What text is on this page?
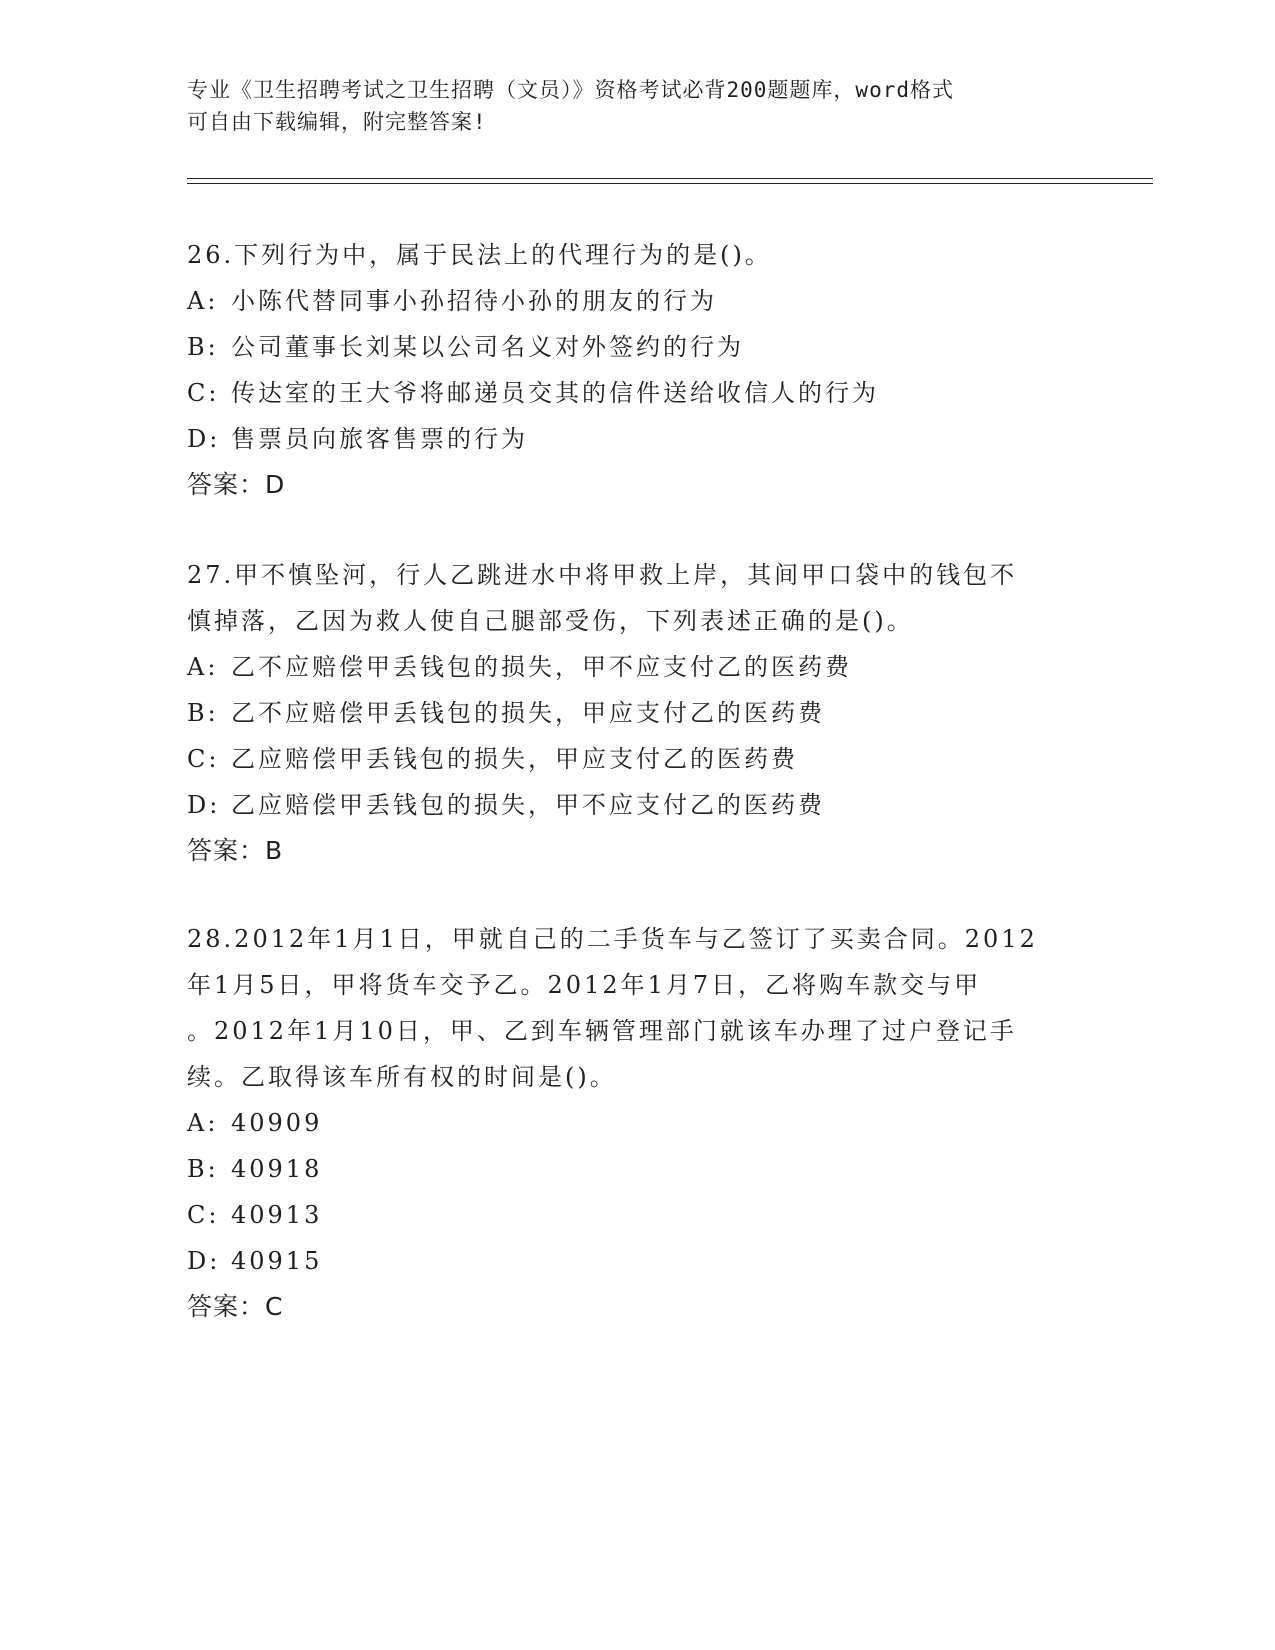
专业《卫生招聘考试之卫生招聘（文员）》资格考试必背200题题库，word格式
可自由下载编辑，附完整答案!
26.下列行为中，属于民法上的代理行为的是()。
A: 小陈代替同事小孙招待小孙的朋友的行为
B: 公司董事长刘某以公司名义对外签约的行为
C: 传达室的王大爷将邮递员交其的信件送给收信人的行为
D: 售票员向旅客售票的行为
答案：D
27.甲不慎坠河，行人乙跳进水中将甲救上岸，其间甲口袋中的钱包不
慎掉落，乙因为救人使自己腿部受伤，下列表述正确的是()。
A: 乙不应赔偿甲丢钱包的损失，甲不应支付乙的医药费
B: 乙不应赔偿甲丢钱包的损失，甲应支付乙的医药费
C: 乙应赔偿甲丢钱包的损失，甲应支付乙的医药费
D: 乙应赔偿甲丢钱包的损失，甲不应支付乙的医药费
答案：B
28.2012年1月1日，甲就自己的二手货车与乙签订了买卖合同。2012
年1月5日，甲将货车交予乙。2012年1月7日，乙将购车款交与甲
。2012年1月10日，甲、乙到车辆管理部门就该车办理了过户登记手
续。乙取得该车所有权的时间是()。
A: 40909
B: 40918
C: 40913
D: 40915
答案：C
